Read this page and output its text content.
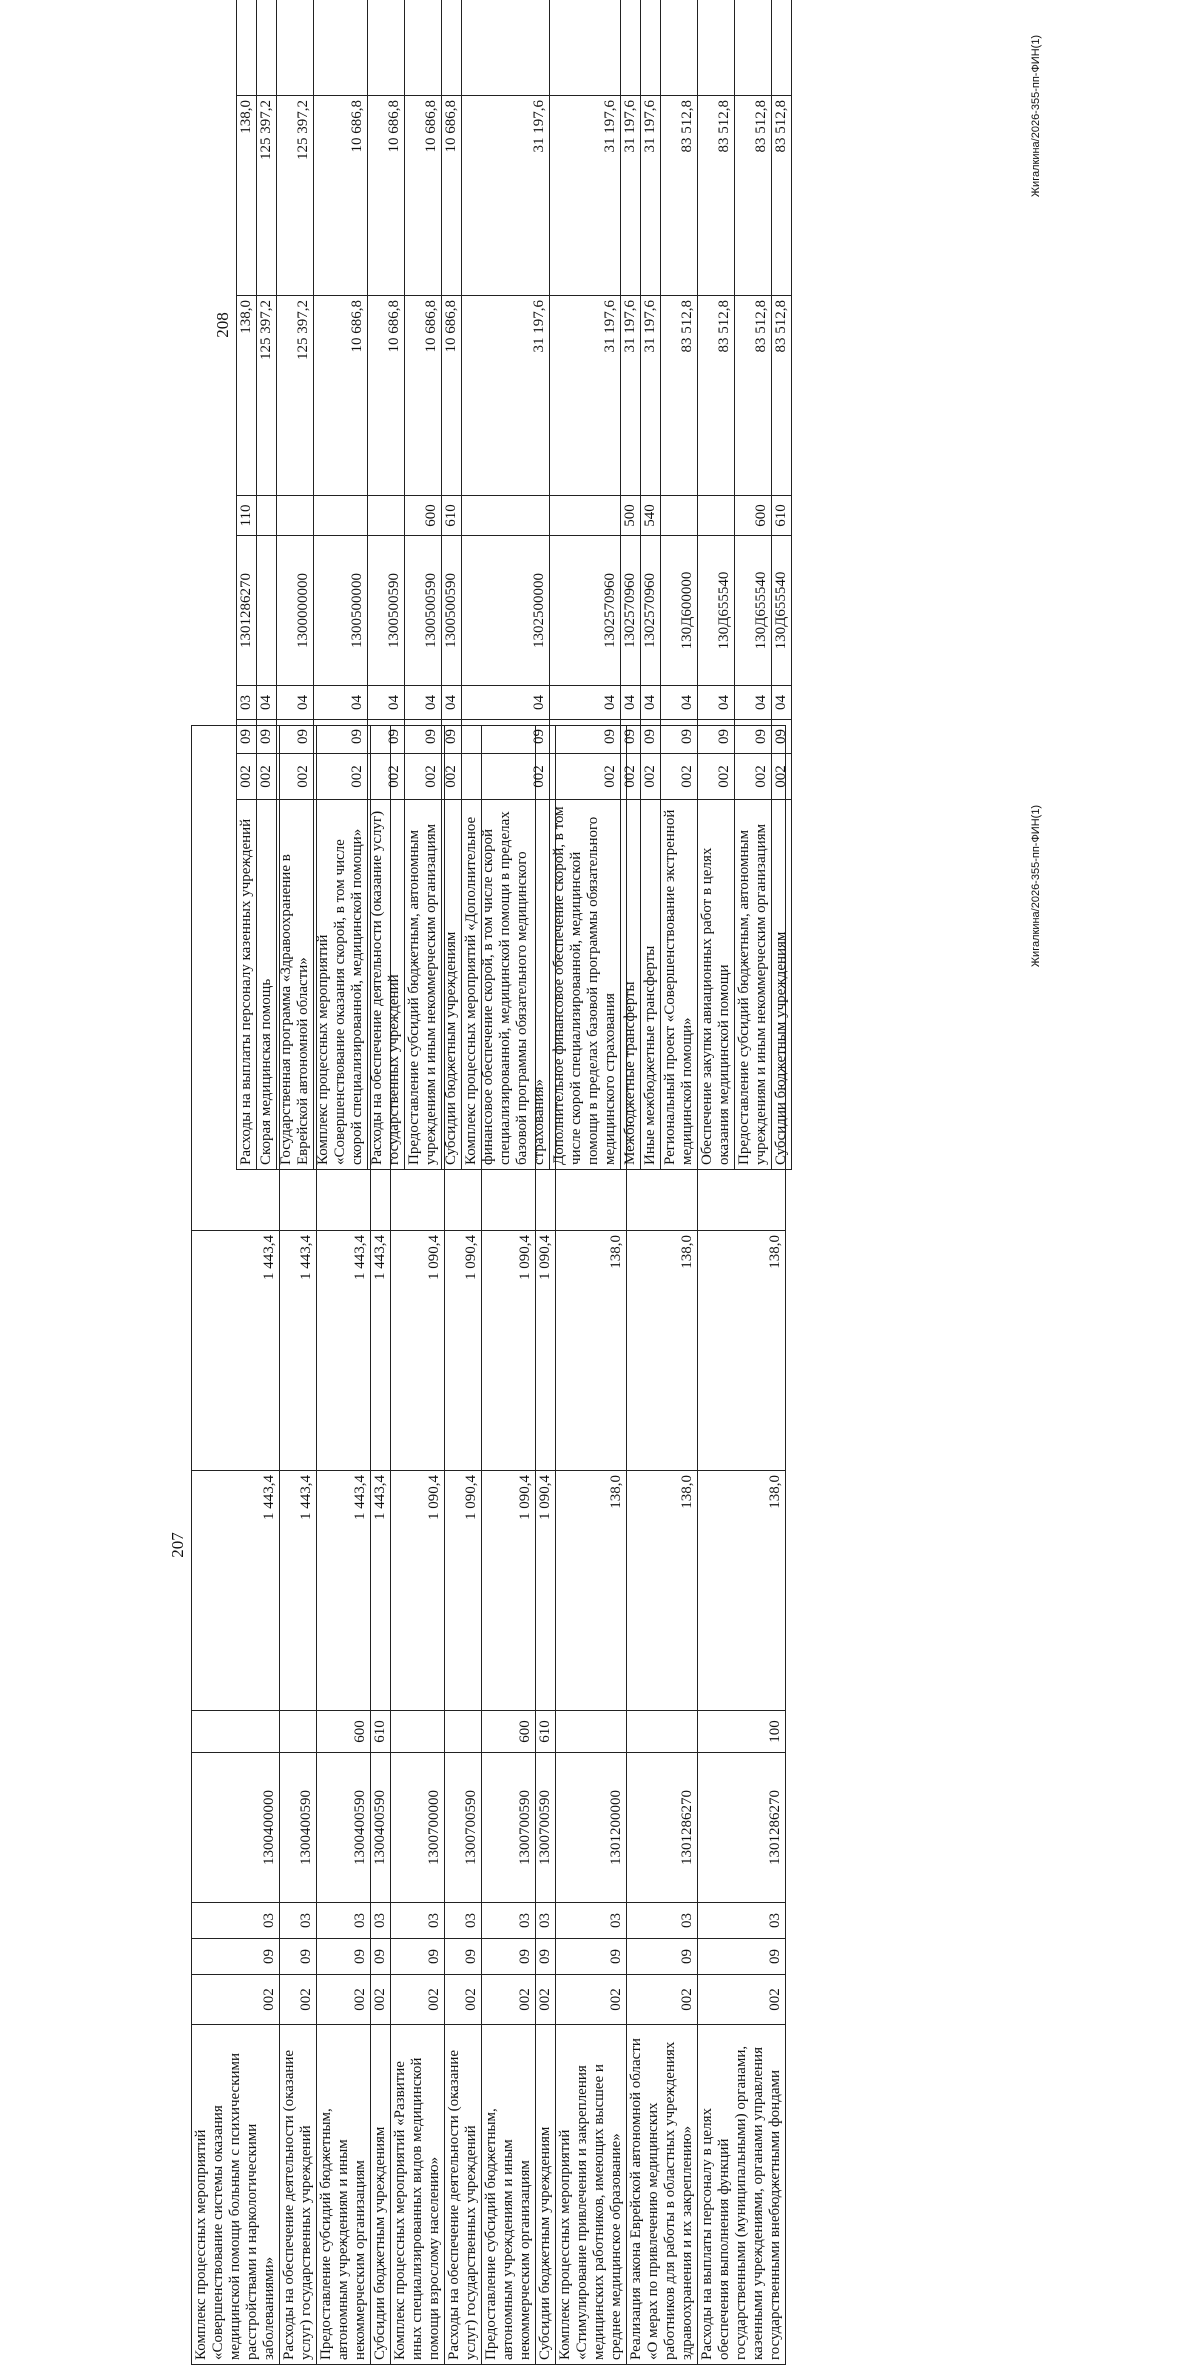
207
Комплекс процессных мероприятий «Совершенствование системы оказания медицинской помощи больным с психическими расстройствами и наркологическими заболеваниями»	002	09	03	1300400000		1 443,4	1 443,4	
Расходы на обеспечение деятельности (оказание услуг) государственных учреждений	002	09	03	1300400590		1 443,4	1 443,4	
Предоставление субсидий бюджетным, автономным учреждениям и иным некоммерческим организациям	002	09	03	1300400590	600	1 443,4	1 443,4	
Субсидии бюджетным учреждениям	002	09	03	1300400590	610	1 443,4	1 443,4	
Комплекс процессных мероприятий «Развитие иных специализированных видов медицинской помощи взрослому населению»	002	09	03	1300700000		1 090,4	1 090,4	
Расходы на обеспечение деятельности (оказание услуг) государственных учреждений	002	09	03	1300700590		1 090,4	1 090,4	
Предоставление субсидий бюджетным, автономным учреждениям и иным некоммерческим организациям	002	09	03	1300700590	600	1 090,4	1 090,4	
Субсидии бюджетным учреждениям	002	09	03	1300700590	610	1 090,4	1 090,4	
Комплекс процессных мероприятий «Стимулирование привлечения и закрепления медицинских работников, имеющих высшее и среднее медицинское образование»	002	09	03	1301200000		138,0	138,0	
Реализация закона Еврейской автономной области «О мерах по привлечению медицинских работников для работы в областных учреждениях здравоохранения и их закреплению»	002	09	03	1301286270		138,0	138,0	
Расходы на выплаты персоналу в целях обеспечения выполнения функций государственными (муниципальными) органами, казенными учреждениями, органами управления государственными внебюджетными фондами	002	09	03	1301286270	100	138,0	138,0	
Жигалкина/2026-355-пп-ФИН(1)
208
Расходы на выплаты персоналу казенных учреждений	002	09	03	1301286270	110	138,0	138,0	
Скорая медицинская помощь	002	09	04			125 397,2	125 397,2	
Государственная программа «Здравоохранение в Еврейской автономной области»	002	09	04	1300000000		125 397,2	125 397,2	
Комплекс процессных мероприятий «Совершенствование оказания скорой, в том числе скорой специализированной, медицинской помощи»	002	09	04	1300500000		10 686,8	10 686,8	
Расходы на обеспечение деятельности (оказание услуг) государственных учреждений	002	09	04	1300500590		10 686,8	10 686,8	
Предоставление субсидий бюджетным, автономным учреждениям и иным некоммерческим организациям	002	09	04	1300500590	600	10 686,8	10 686,8	
Субсидии бюджетным учреждениям	002	09	04	1300500590	610	10 686,8	10 686,8	
Комплекс процессных мероприятий «Дополнительное финансовое обеспечение скорой, в том числе скорой специализированной, медицинской помощи в пределах базовой программы обязательного медицинского страхования»	002	09	04	1302500000		31 197,6	31 197,6	
Дополнительное финансовое обеспечение скорой, в том числе скорой специализированной, медицинской помощи в пределах базовой программы обязательного медицинского страхования	002	09	04	1302570960		31 197,6	31 197,6	
Межбюджетные трансферты	002	09	04	1302570960	500	31 197,6	31 197,6	
Иные межбюджетные трансферты	002	09	04	1302570960	540	31 197,6	31 197,6	
Региональный проект «Совершенствование экстренной медицинской помощи»	002	09	04	130Д600000		83 512,8	83 512,8	
Обеспечение закупки авиационных работ в целях оказания медицинской помощи	002	09	04	130Д655540		83 512,8	83 512,8	
Предоставление субсидий бюджетным, автономным учреждениям и иным некоммерческим организациям	002	09	04	130Д655540	600	83 512,8	83 512,8	
Субсидии бюджетным учреждениям	002	09	04	130Д655540	610	83 512,8	83 512,8		Жигалкина/2026-355-пп-ФИН(1)
